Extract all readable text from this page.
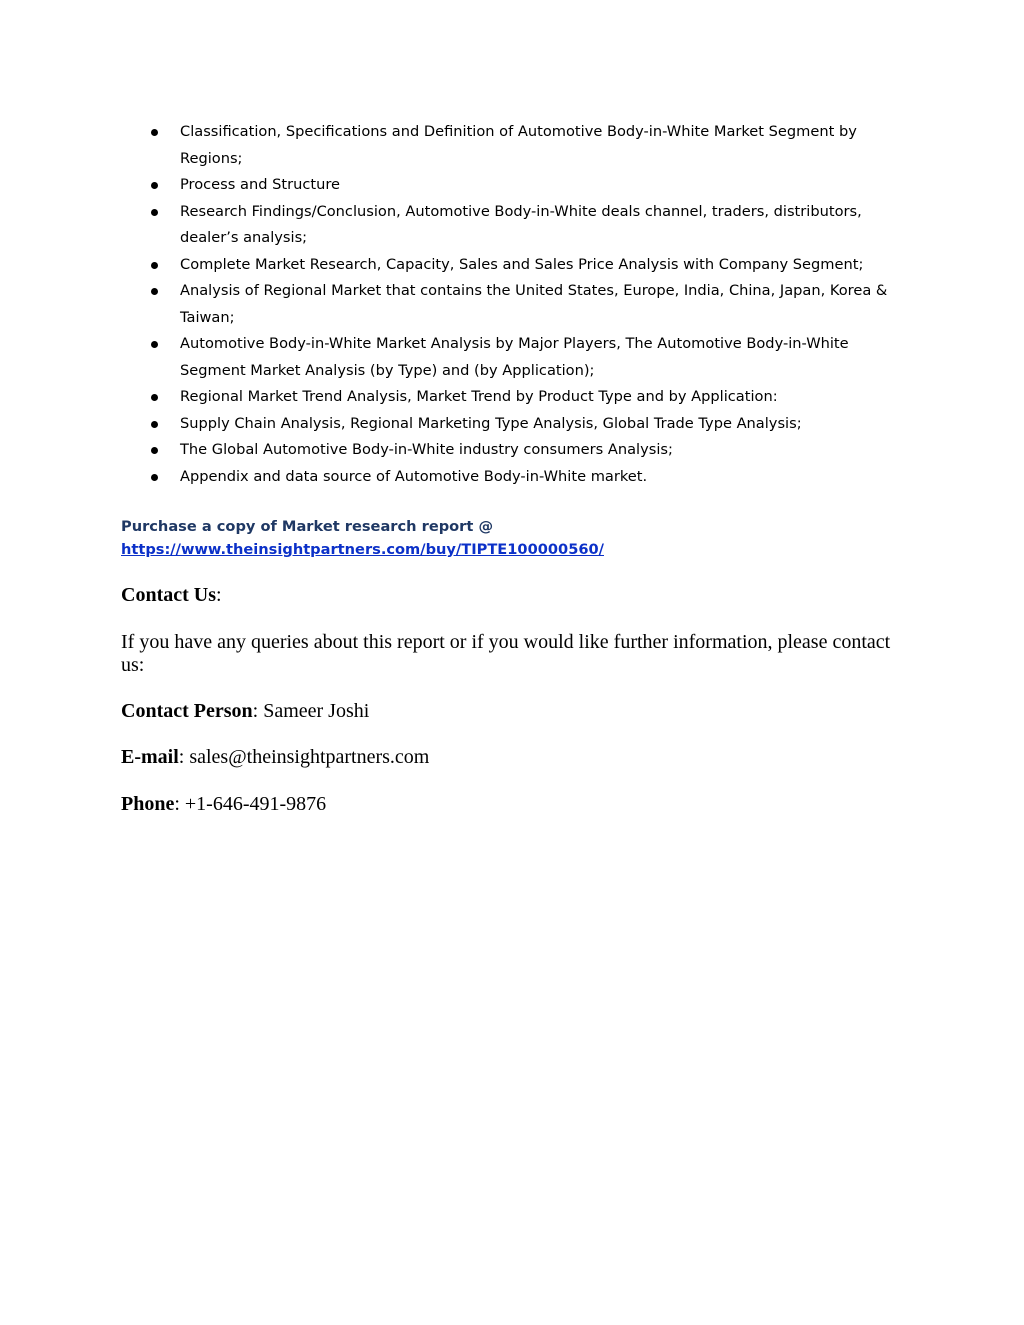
Classification, Specifications and Definition of Automotive Body-in-White Market Segment by Regions;
Process and Structure
Research Findings/Conclusion, Automotive Body-in-White deals channel, traders, distributors, dealer’s analysis;
Complete Market Research, Capacity, Sales and Sales Price Analysis with Company Segment;
Analysis of Regional Market that contains the United States, Europe, India, China, Japan, Korea & Taiwan;
Automotive Body-in-White Market Analysis by Major Players, The Automotive Body-in-White Segment Market Analysis (by Type) and (by Application);
Regional Market Trend Analysis, Market Trend by Product Type and by Application:
Supply Chain Analysis, Regional Marketing Type Analysis, Global Trade Type Analysis;
The Global Automotive Body-in-White industry consumers Analysis;
Appendix and data source of Automotive Body-in-White market.
Purchase a copy of Market research report @
https://www.theinsightpartners.com/buy/TIPTE100000560/

Contact Us:

If you have any queries about this report or if you would like further information, please contact us:

Contact Person: Sameer Joshi

E-mail: sales@theinsightpartners.com

Phone: +1-646-491-9876
